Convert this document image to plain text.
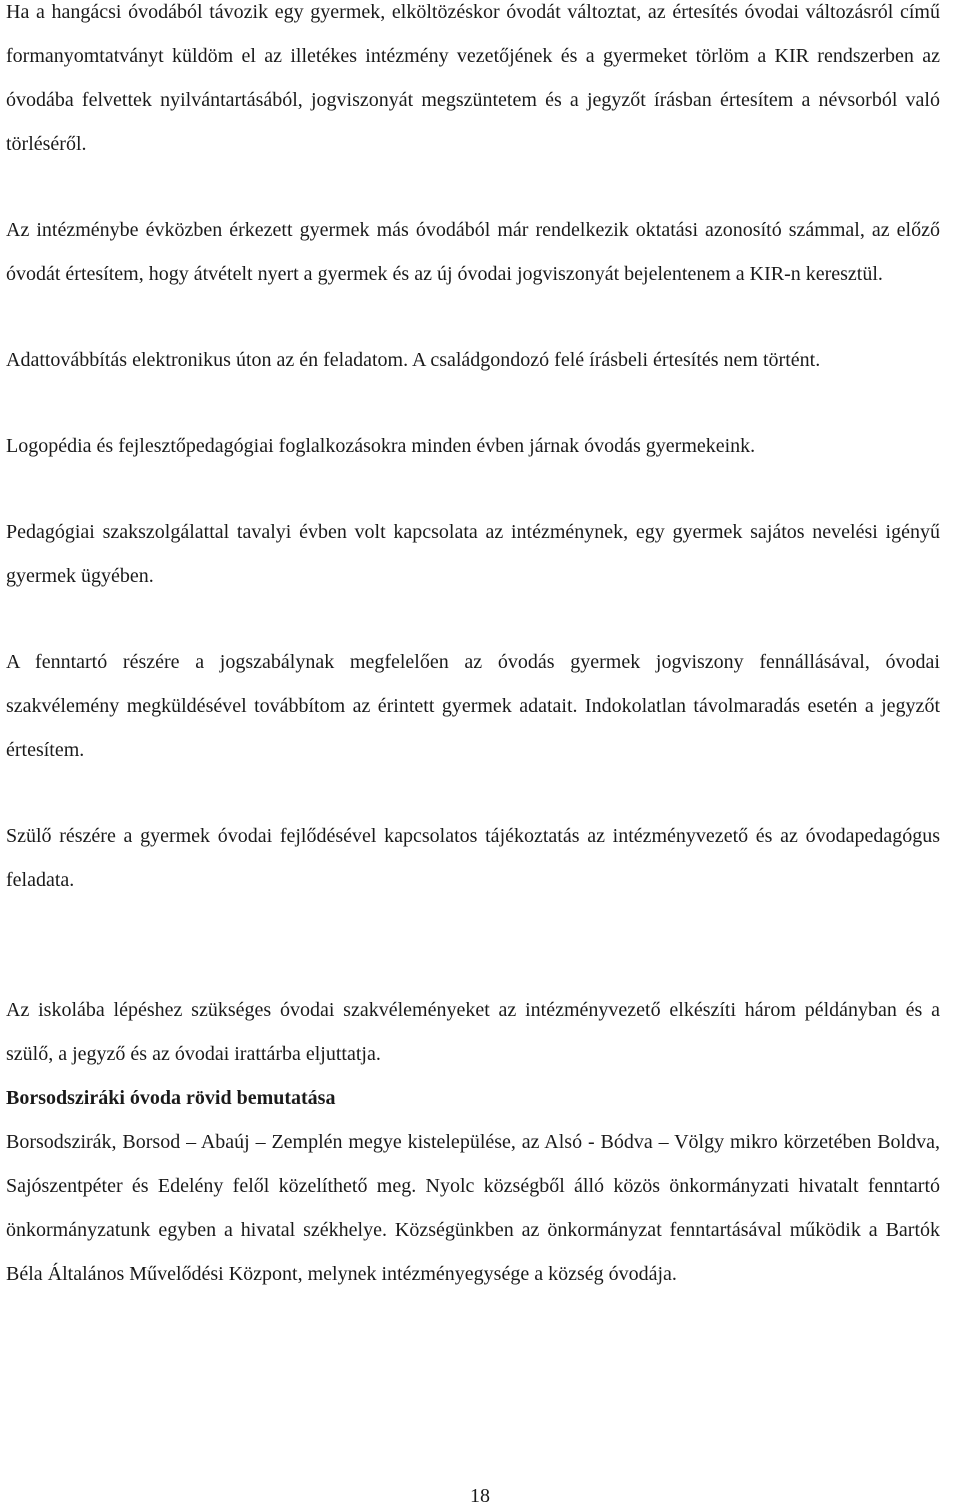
Ha a hangácsi óvodából távozik egy gyermek, elköltözéskor óvodát változtat, az értesítés óvodai változásról című formanyomtatványt küldöm el az illetékes intézmény vezetőjének és a gyermeket törlöm a KIR rendszerben az óvodába felvettek nyilvántartásából, jogviszonyát megszüntetem és a jegyzőt írásban értesítem a névsorból való törléséről.

Az intézménybe évközben érkezett gyermek más óvodából már rendelkezik oktatási azonosító számmal, az előző óvodát értesítem, hogy átvételt nyert a gyermek és az új óvodai jogviszonyát bejelentenem a KIR-n keresztül.

Adattovábbítás elektronikus úton az én feladatom. A családgondozó felé írásbeli értesítés nem történt.

Logopédia és fejlesztőpedagógiai foglalkozásokra minden évben járnak óvodás gyermekeink.

Pedagógiai szakszolgálattal tavalyi évben volt kapcsolata az intézménynek, egy gyermek sajátos nevelési igényű gyermek ügyében.

A fenntartó részére a jogszabálynak megfelelően az óvodás gyermek jogviszony fennállásával, óvodai szakvélemény megküldésével továbbítom az érintett gyermek adatait. Indokolatlan távolmaradás esetén a jegyzőt értesítem.

Szülő részére a gyermek óvodai fejlődésével kapcsolatos tájékoztatás az intézményvezető és az óvodapedagógus feladata.

Az iskolába lépéshez szükséges óvodai szakvéleményeket az intézményvezető elkészíti három példányban és a szülő, a jegyző és az óvodai irattárba eljuttatja.

Borsodsziráki óvoda rövid bemutatása

Borsodszirák, Borsod – Abaúj – Zemplén megye kistelepülése, az Alsó - Bódva – Völgy mikro körzetében Boldva, Sajószentpéter és Edelény felől közelíthető meg. Nyolc községből álló közös önkormányzati hivatalt fenntartó önkormányzatunk egyben a hivatal székhelye. Községünkben az önkormányzat fenntartásával működik a Bartók Béla Általános Művelődési Központ, melynek intézményegysége a község óvodája.

18
